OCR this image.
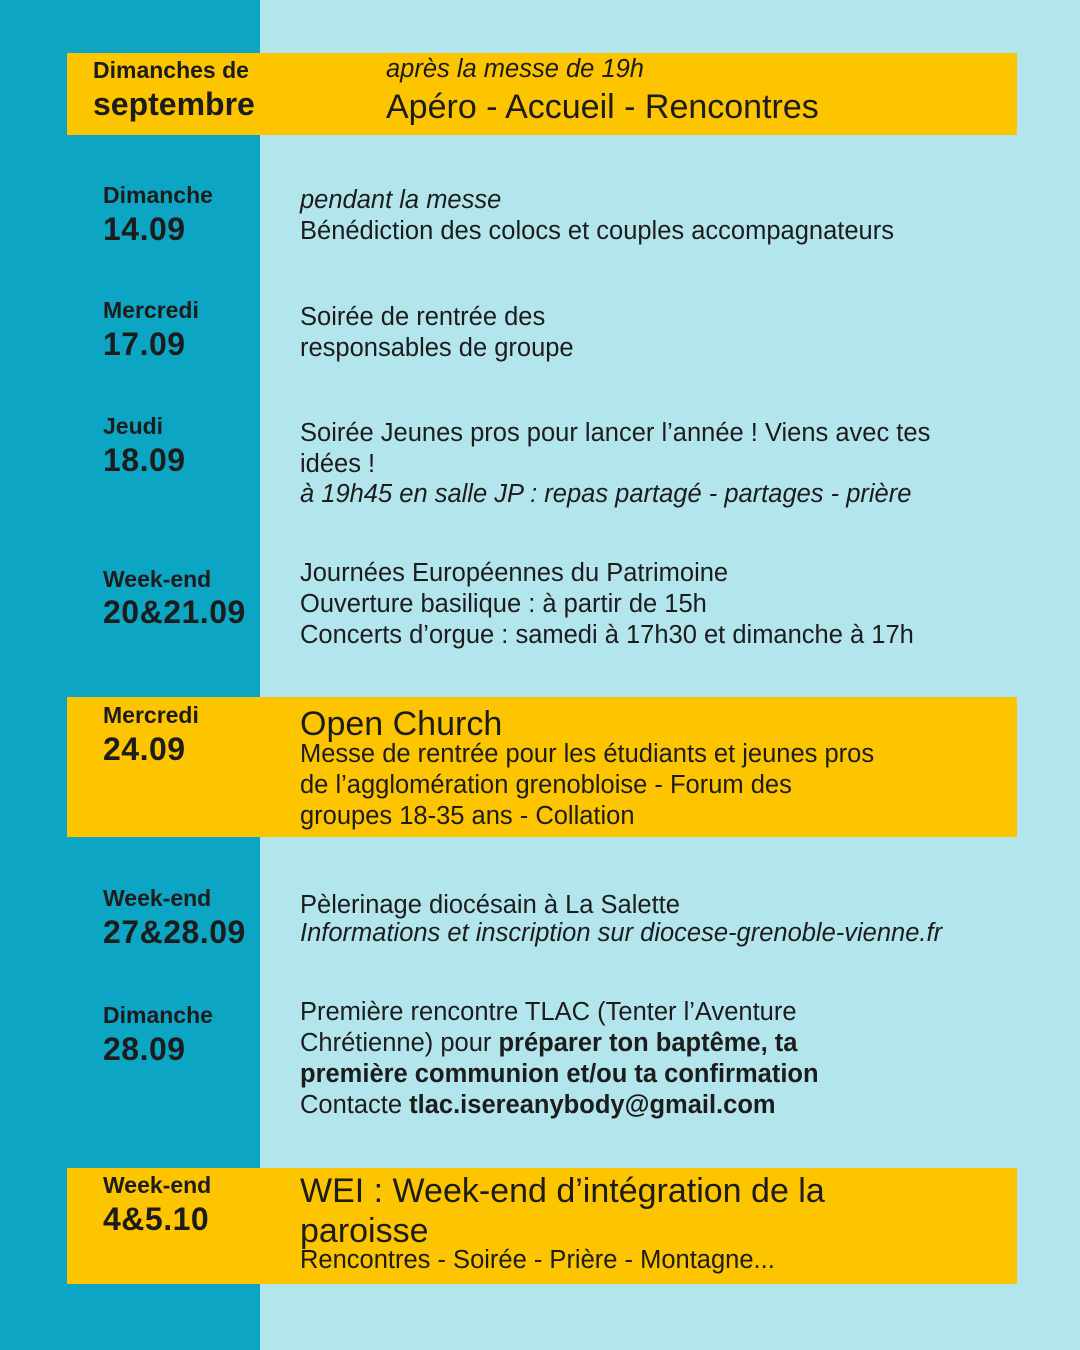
Dimanches de
septembre
après la messe de 19h
Apéro - Accueil - Rencontres
Dimanche
14.09
pendant la messe
Bénédiction des colocs et couples accompagnateurs
Mercredi
17.09
Soirée de rentrée des
responsables de groupe
Jeudi
18.09
Soirée Jeunes pros pour lancer l’année ! Viens avec tes
idées !
à 19h45 en salle JP : repas partagé - partages - prière
Week-end
20&21.09
Journées Européennes du Patrimoine
Ouverture basilique : à partir de 15h
Concerts d’orgue : samedi à 17h30 et dimanche à 17h
Mercredi
24.09
Open Church
Messe de rentrée pour les étudiants et jeunes pros
de l’agglomération grenobloise - Forum des
groupes 18-35 ans - Collation
Week-end
27&28.09
Pèlerinage diocésain à La Salette
Informations et inscription sur diocese-grenoble-vienne.fr
Dimanche
28.09
Première rencontre TLAC (Tenter l’Aventure
Chrétienne) pour préparer ton baptême, ta
première communion et/ou ta confirmation
Contacte tlac.isereanybody@gmail.com
Week-end
4&5.10
WEI : Week-end d’intégration de la
paroisse
Rencontres - Soirée - Prière - Montagne...
